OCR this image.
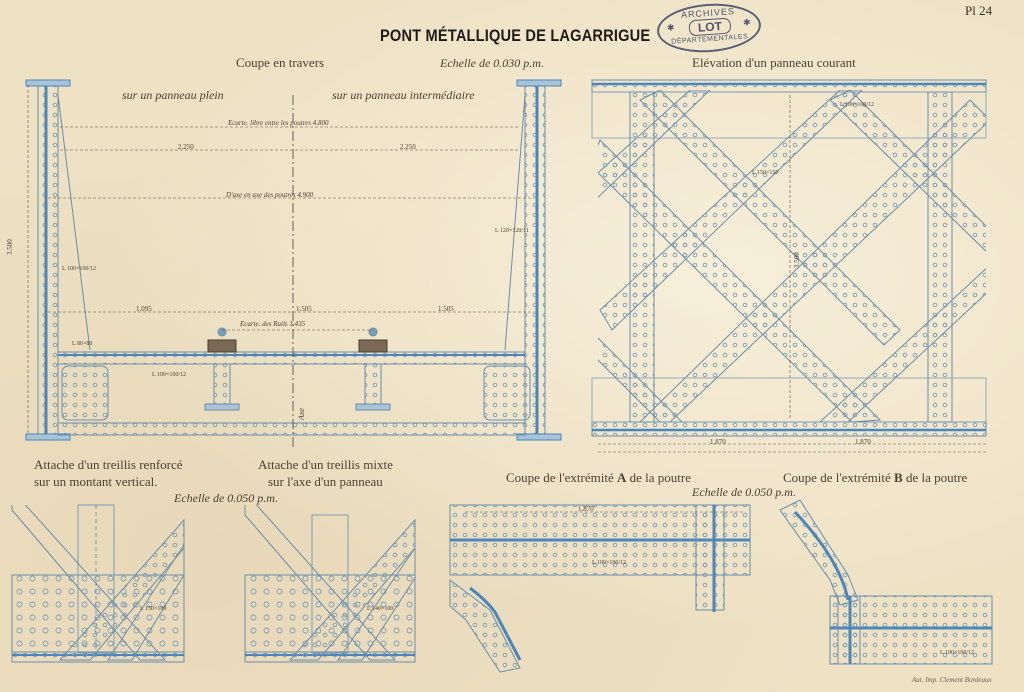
Pl 24
PONT MÉTALLIQUE DE LAGARRIGUE
ARCHIVES
✱	LOT	✱
DÉPARTEMENTALES
Coupe en travers	Echelle de 0.030 p.m.
sur un panneau plein	sur un panneau intermédiaire
Ecarte. libre entre les poutres 4.800
2.250	2.250
D'axe en axe des poutres 4.900
1.095	1.505	1.505
Ecarte. des Rails 1.435
3.500
Axe
L 100×100/12
L 120×120/11
L 100×100/12
L 80×80
Elévation d'un panneau courant
L 100×100/12
L 150×150
1.870	1.870
3.500
Attache d'un treillis renforcé
sur un montant vertical.
Echelle de 0.050 p.m.
L 150×100
Attache d'un treillis mixte
sur l'axe d'un panneau
L 140×100
Coupe de l'extrémité A de la poutre
Echelle de 0.050 p.m.
1.870
L 100×100/12
Coupe de l'extrémité B de la poutre
L 100×100/12
Aut. Imp. Clement Bordeaux
